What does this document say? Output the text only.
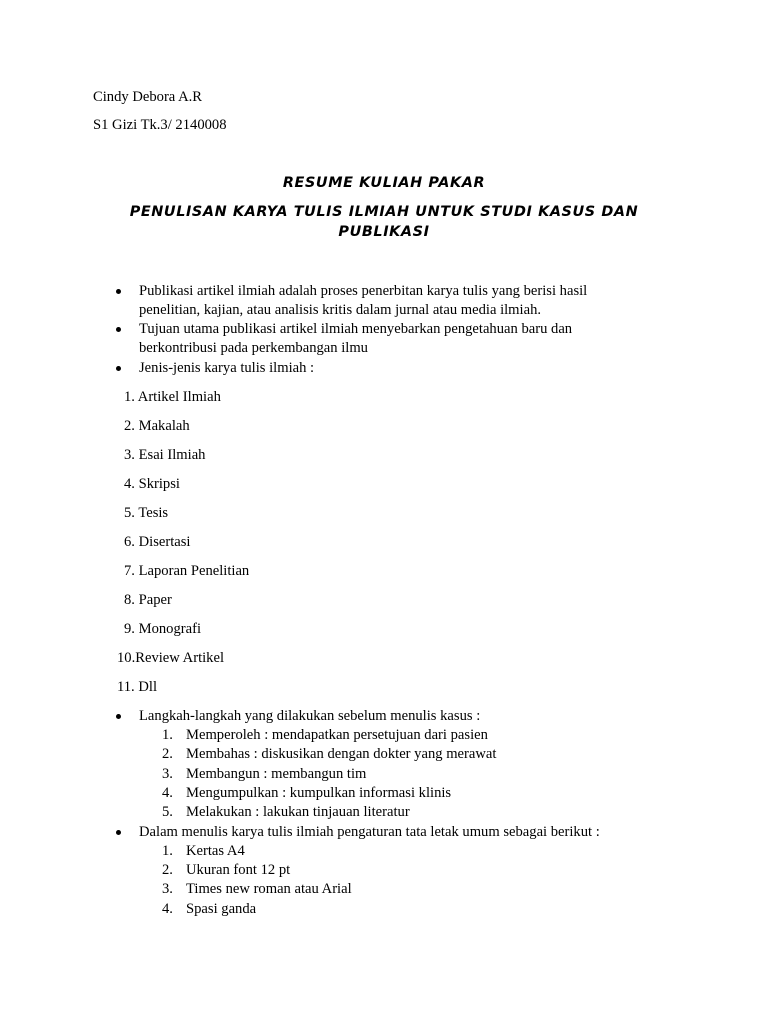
Cindy Debora A.R
S1 Gizi Tk.3/ 2140008
RESUME KULIAH PAKAR
PENULISAN KARYA TULIS ILMIAH UNTUK STUDI KASUS DAN
PUBLIKASI
Publikasi artikel ilmiah adalah proses penerbitan karya tulis yang berisi hasil
penelitian, kajian, atau analisis kritis dalam jurnal atau media ilmiah.
Tujuan utama publikasi artikel ilmiah menyebarkan pengetahuan baru dan
berkontribusi pada perkembangan ilmu
Jenis-jenis karya tulis ilmiah :
1. Artikel Ilmiah
2. Makalah
3. Esai Ilmiah
4. Skripsi
5. Tesis
6. Disertasi
7. Laporan Penelitian
8. Paper
9. Monografi
10.Review Artikel
11. Dll
Langkah-langkah yang dilakukan sebelum menulis kasus :
1. Memperoleh : mendapatkan persetujuan dari pasien
2. Membahas : diskusikan dengan dokter yang merawat
3. Membangun : membangun tim
4. Mengumpulkan : kumpulkan informasi klinis
5. Melakukan : lakukan tinjauan literatur
Dalam menulis karya tulis ilmiah pengaturan tata letak umum sebagai berikut :
1. Kertas A4
2. Ukuran font 12 pt
3. Times new roman atau Arial
4. Spasi ganda
